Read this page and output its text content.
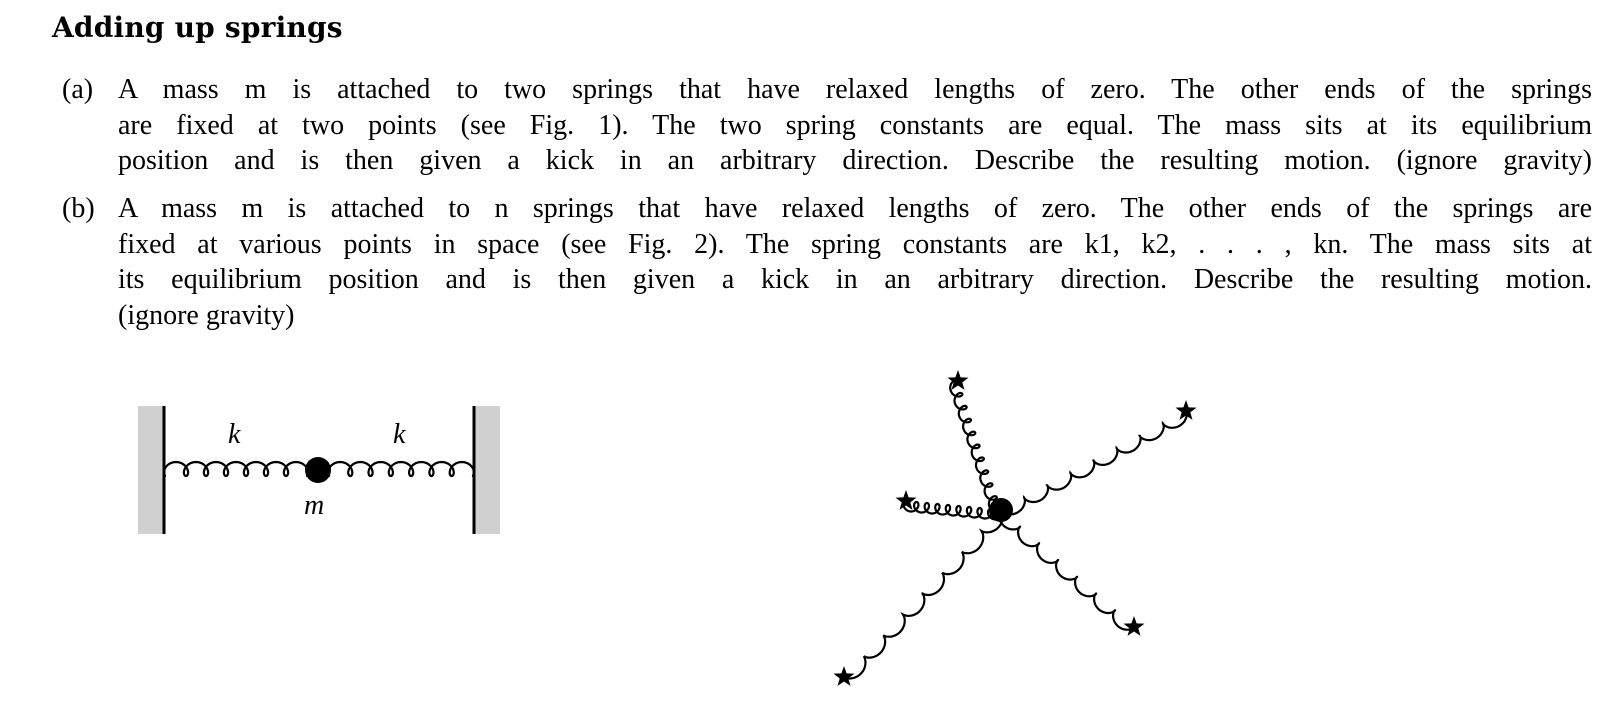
Adding up springs
(a) A mass m is attached to two springs that have relaxed lengths of zero. The other ends of the springs
are fixed at two points (see Fig. 1). The two spring constants are equal. The mass sits at its equilibrium
position and is then given a kick in an arbitrary direction. Describe the resulting motion. (ignore gravity)
(b) A mass m is attached to n springs that have relaxed lengths of zero. The other ends of the springs are
fixed at various points in space (see Fig. 2). The spring constants are k1, k2, . . . , kn. The mass sits at
its equilibrium position and is then given a kick in an arbitrary direction. Describe the resulting motion.
(ignore gravity)
k	k
m
